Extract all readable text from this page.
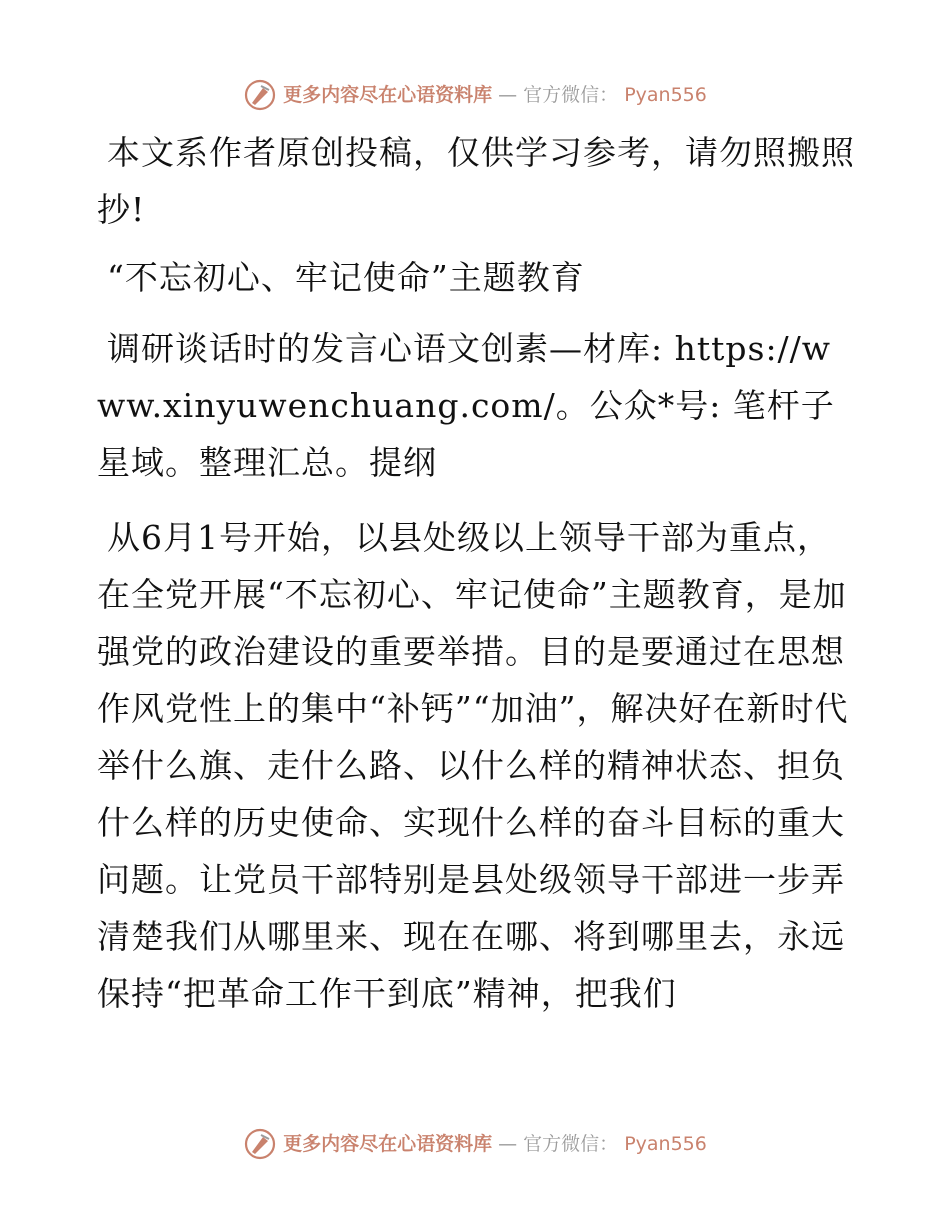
更多内容尽在心语资料库 — 官方微信： Pyan556

本文系作者原创投稿，仅供学习参考，请勿照搬照抄!

“不忘初心、牢记使命”主题教育

调研谈话时的发言心语文创素—材库: https://www.xinyuwenchuang.com/。公众*号: 笔杆子星域。整理汇总。提纲

从6月1号开始，以县处级以上领导干部为重点，在全党开展“不忘初心、牢记使命”主题教育，是加强党的政治建设的重要举措。目的是要通过在思想作风党性上的集中“补钙”“加油”，解决好在新时代举什么旗、走什么路、以什么样的精神状态、担负什么样的历史使命、实现什么样的奋斗目标的重大问题。让党员干部特别是县处级领导干部进一步弄清楚我们从哪里来、现在在哪、将到哪里去，永远保持“把革命工作干到底”精神，把我们

更多内容尽在心语资料库 — 官方微信： Pyan556
